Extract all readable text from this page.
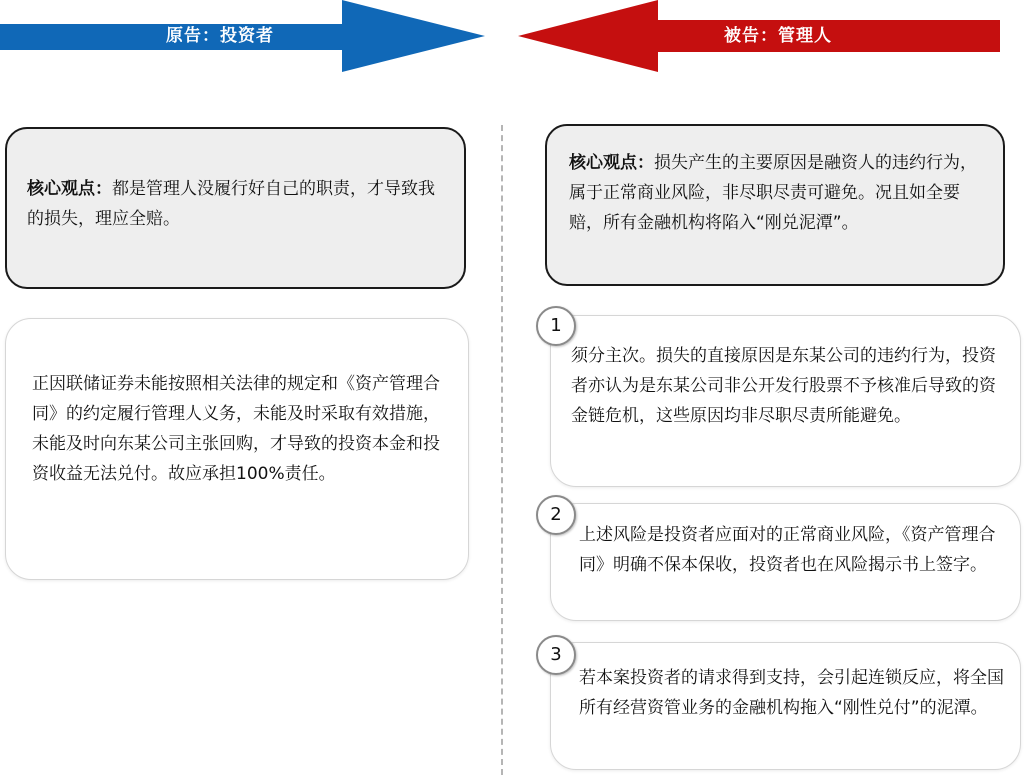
原告：投资者	被告：管理人
核心观点：都是管理人没履行好自己的职责，才导致我的损失，理应全赔。
正因联储证券未能按照相关法律的规定和《资产管理合同》的约定履行管理人义务，未能及时采取有效措施，未能及时向东某公司主张回购，才导致的投资本金和投资收益无法兑付。故应承担100%责任。
核心观点：损失产生的主要原因是融资人的违约行为，属于正常商业风险，非尽职尽责可避免。况且如全要赔，所有金融机构将陷入“刚兑泥潭”。
须分主次。损失的直接原因是东某公司的违约行为，投资者亦认为是东某公司非公开发行股票不予核准后导致的资金链危机，这些原因均非尽职尽责所能避免。
1
上述风险是投资者应面对的正常商业风险，《资产管理合同》明确不保本保收，投资者也在风险揭示书上签字。
2
若本案投资者的请求得到支持，会引起连锁反应，将全国所有经营资管业务的金融机构拖入“刚性兑付”的泥潭。
3
